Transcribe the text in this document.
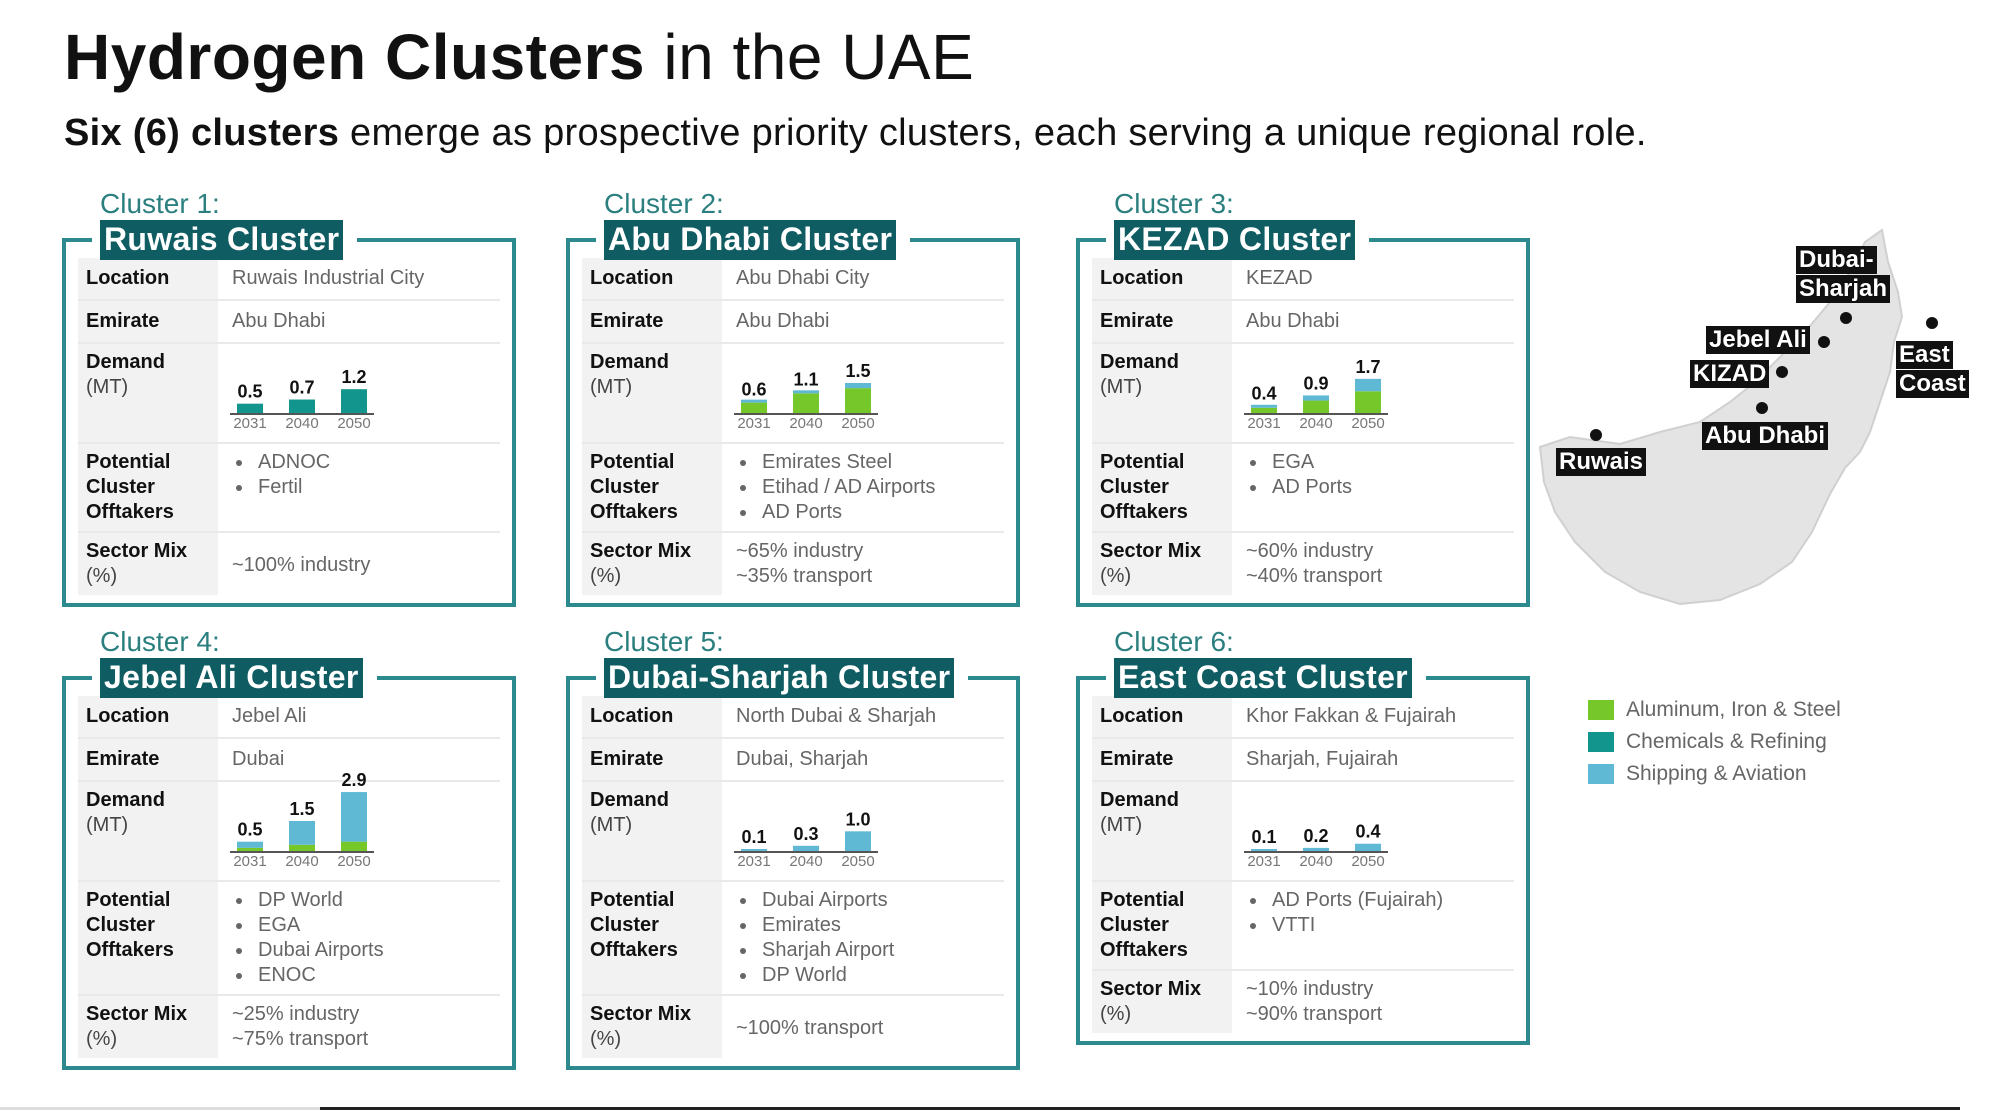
Hydrogen Clusters in the UAE

Six (6) clusters emerge as prospective priority clusters, each serving a unique regional role.

Cluster 1:
Ruwais Cluster
Location	Ruwais Industrial City
Emirate	Abu Dhabi
Demand
(MT)	0.5
2031
0.7
2040
1.2
2050
Potential
Cluster
Offtakers
• ADNOC
• Fertil
Sector Mix
(%)	~100% industry
Cluster 2:
Abu Dhabi Cluster
Location	Abu Dhabi City
Emirate	Abu Dhabi
Demand
(MT)	0.6
2031
1.1
2040
1.5
2050
Potential
Cluster
Offtakers
• Emirates Steel
• Etihad / AD Airports
• AD Ports
Sector Mix
(%)
~65% industry
~35% transport
Cluster 3:
KEZAD Cluster
Location	KEZAD
Emirate	Abu Dhabi
Demand
(MT)	0.4
2031
0.9
2040
1.7
2050
Potential
Cluster
Offtakers
• EGA
• AD Ports
Sector Mix
(%)
~60% industry
~40% transport
Cluster 4:
Jebel Ali Cluster
Location	Jebel Ali
Emirate	Dubai
Demand
(MT)	0.5
2031
1.5
2040
2.9
2050
Potential
Cluster
Offtakers
• DP World
• EGA
• Dubai Airports
• ENOC
Sector Mix
(%)
~25% industry
~75% transport
Cluster 5:
Dubai-Sharjah Cluster
Location	North Dubai & Sharjah
Emirate	Dubai, Sharjah
Demand
(MT)
0.1
2031
0.3
2040
1.0
2050
Potential
Cluster
Offtakers
• Dubai Airports
• Emirates
• Sharjah Airport
• DP World
Sector Mix
(%)	~100% transport
Cluster 6:
East Coast Cluster
Location	Khor Fakkan & Fujairah
Emirate	Sharjah, Fujairah
Demand
(MT)
0.1
2031
0.2
2040
0.4
2050
Potential
Cluster
Offtakers
• AD Ports (Fujairah)
• VTTI
Sector Mix
(%)
~10% industry
~90% transport
Ruwais
Abu Dhabi
KIZAD
Jebel Ali
Dubai-
Sharjah
East
Coast
Aluminum, Iron & Steel
Chemicals & Refining
Shipping & Aviation
